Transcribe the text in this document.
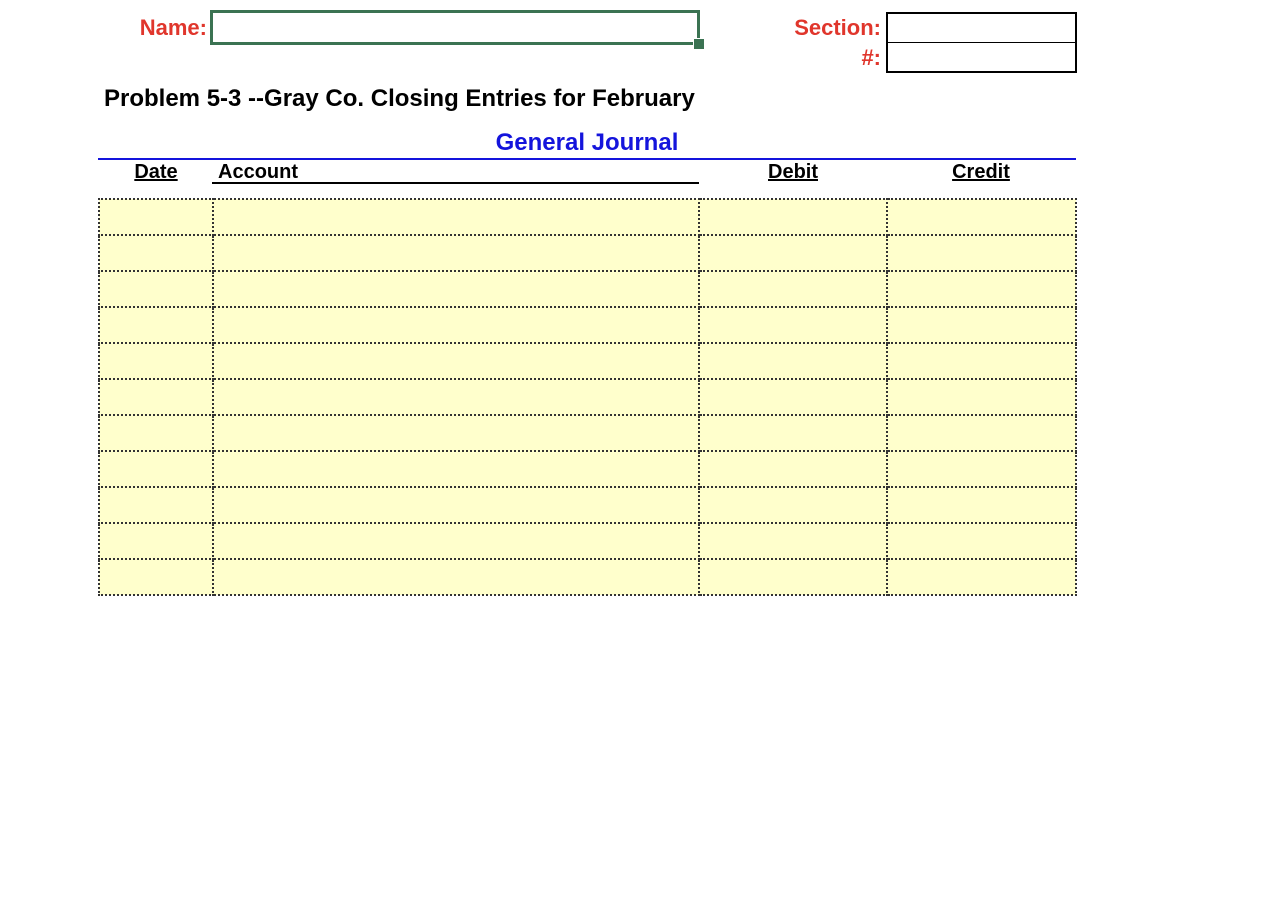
Name:	Section:
#:
Problem 5-3 --Gray Co. Closing Entries for February
General Journal
Date	Account	Debit	Credit
